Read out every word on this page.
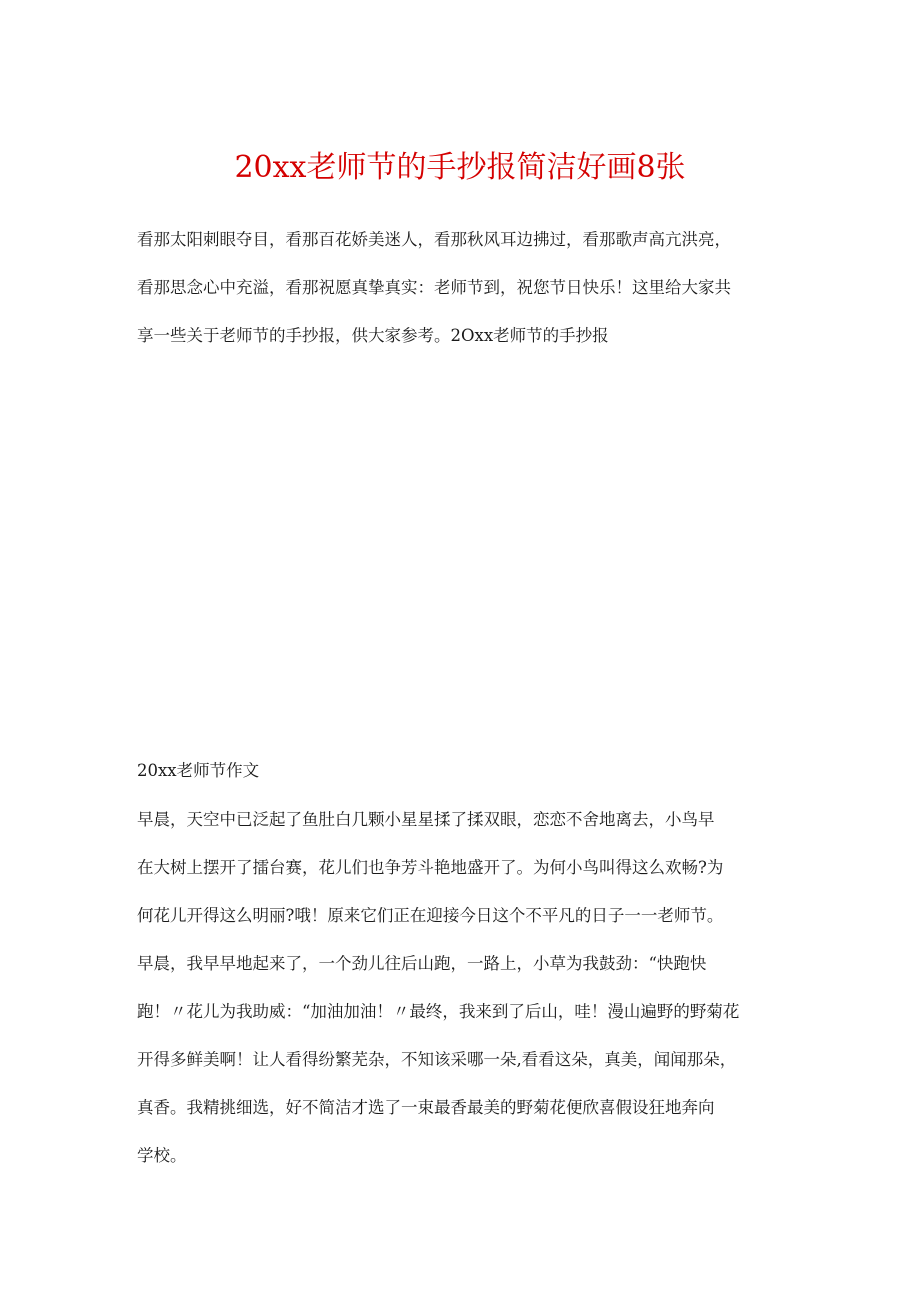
20xx老师节的手抄报简洁好画8张
看那太阳刺眼夺目，看那百花娇美迷人，看那秋风耳边拂过，看那歌声高亢洪亮，
看那思念心中充溢，看那祝愿真挚真实：老师节到，祝您节日快乐！这里给大家共
享一些关于老师节的手抄报，供大家参考。2Oxx老师节的手抄报

20xx老师节作文

早晨，天空中已泛起了鱼肚白几颗小星星揉了揉双眼，恋恋不舍地离去，小鸟早
在大树上摆开了擂台赛，花儿们也争芳斗艳地盛开了。为何小鸟叫得这么欢畅?为
何花儿开得这么明丽?哦！原来它们正在迎接今日这个不平凡的日子一一老师节。
早晨，我早早地起来了，一个劲儿往后山跑，一路上，小草为我鼓劲：“快跑快
跑！〃花儿为我助威：“加油加油！〃最终，我来到了后山，哇！漫山遍野的野菊花
开得多鲜美啊！让人看得纷繁芜杂，不知该采哪一朵,看看这朵，真美，闻闻那朵，
真香。我精挑细选，好不简洁才选了一束最香最美的野菊花便欣喜假设狂地奔向
学校。
